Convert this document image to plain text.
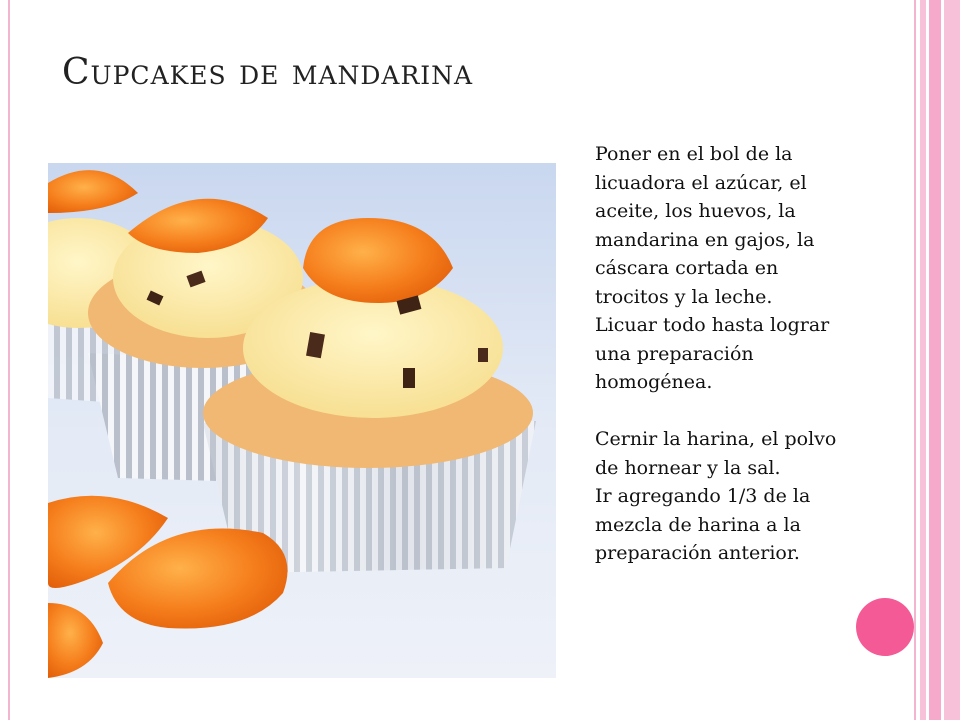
Cupcakes de mandarina

Poner en el bol de la licuadora el azúcar, el aceite, los huevos, la mandarina en gajos, la cáscara cortada en trocitos y la leche.

Licuar todo hasta lograr una preparación homogénea.

Cernir la harina, el polvo de hornear y la sal.

Ir agregando 1/3 de la mezcla de harina a la preparación anterior.
